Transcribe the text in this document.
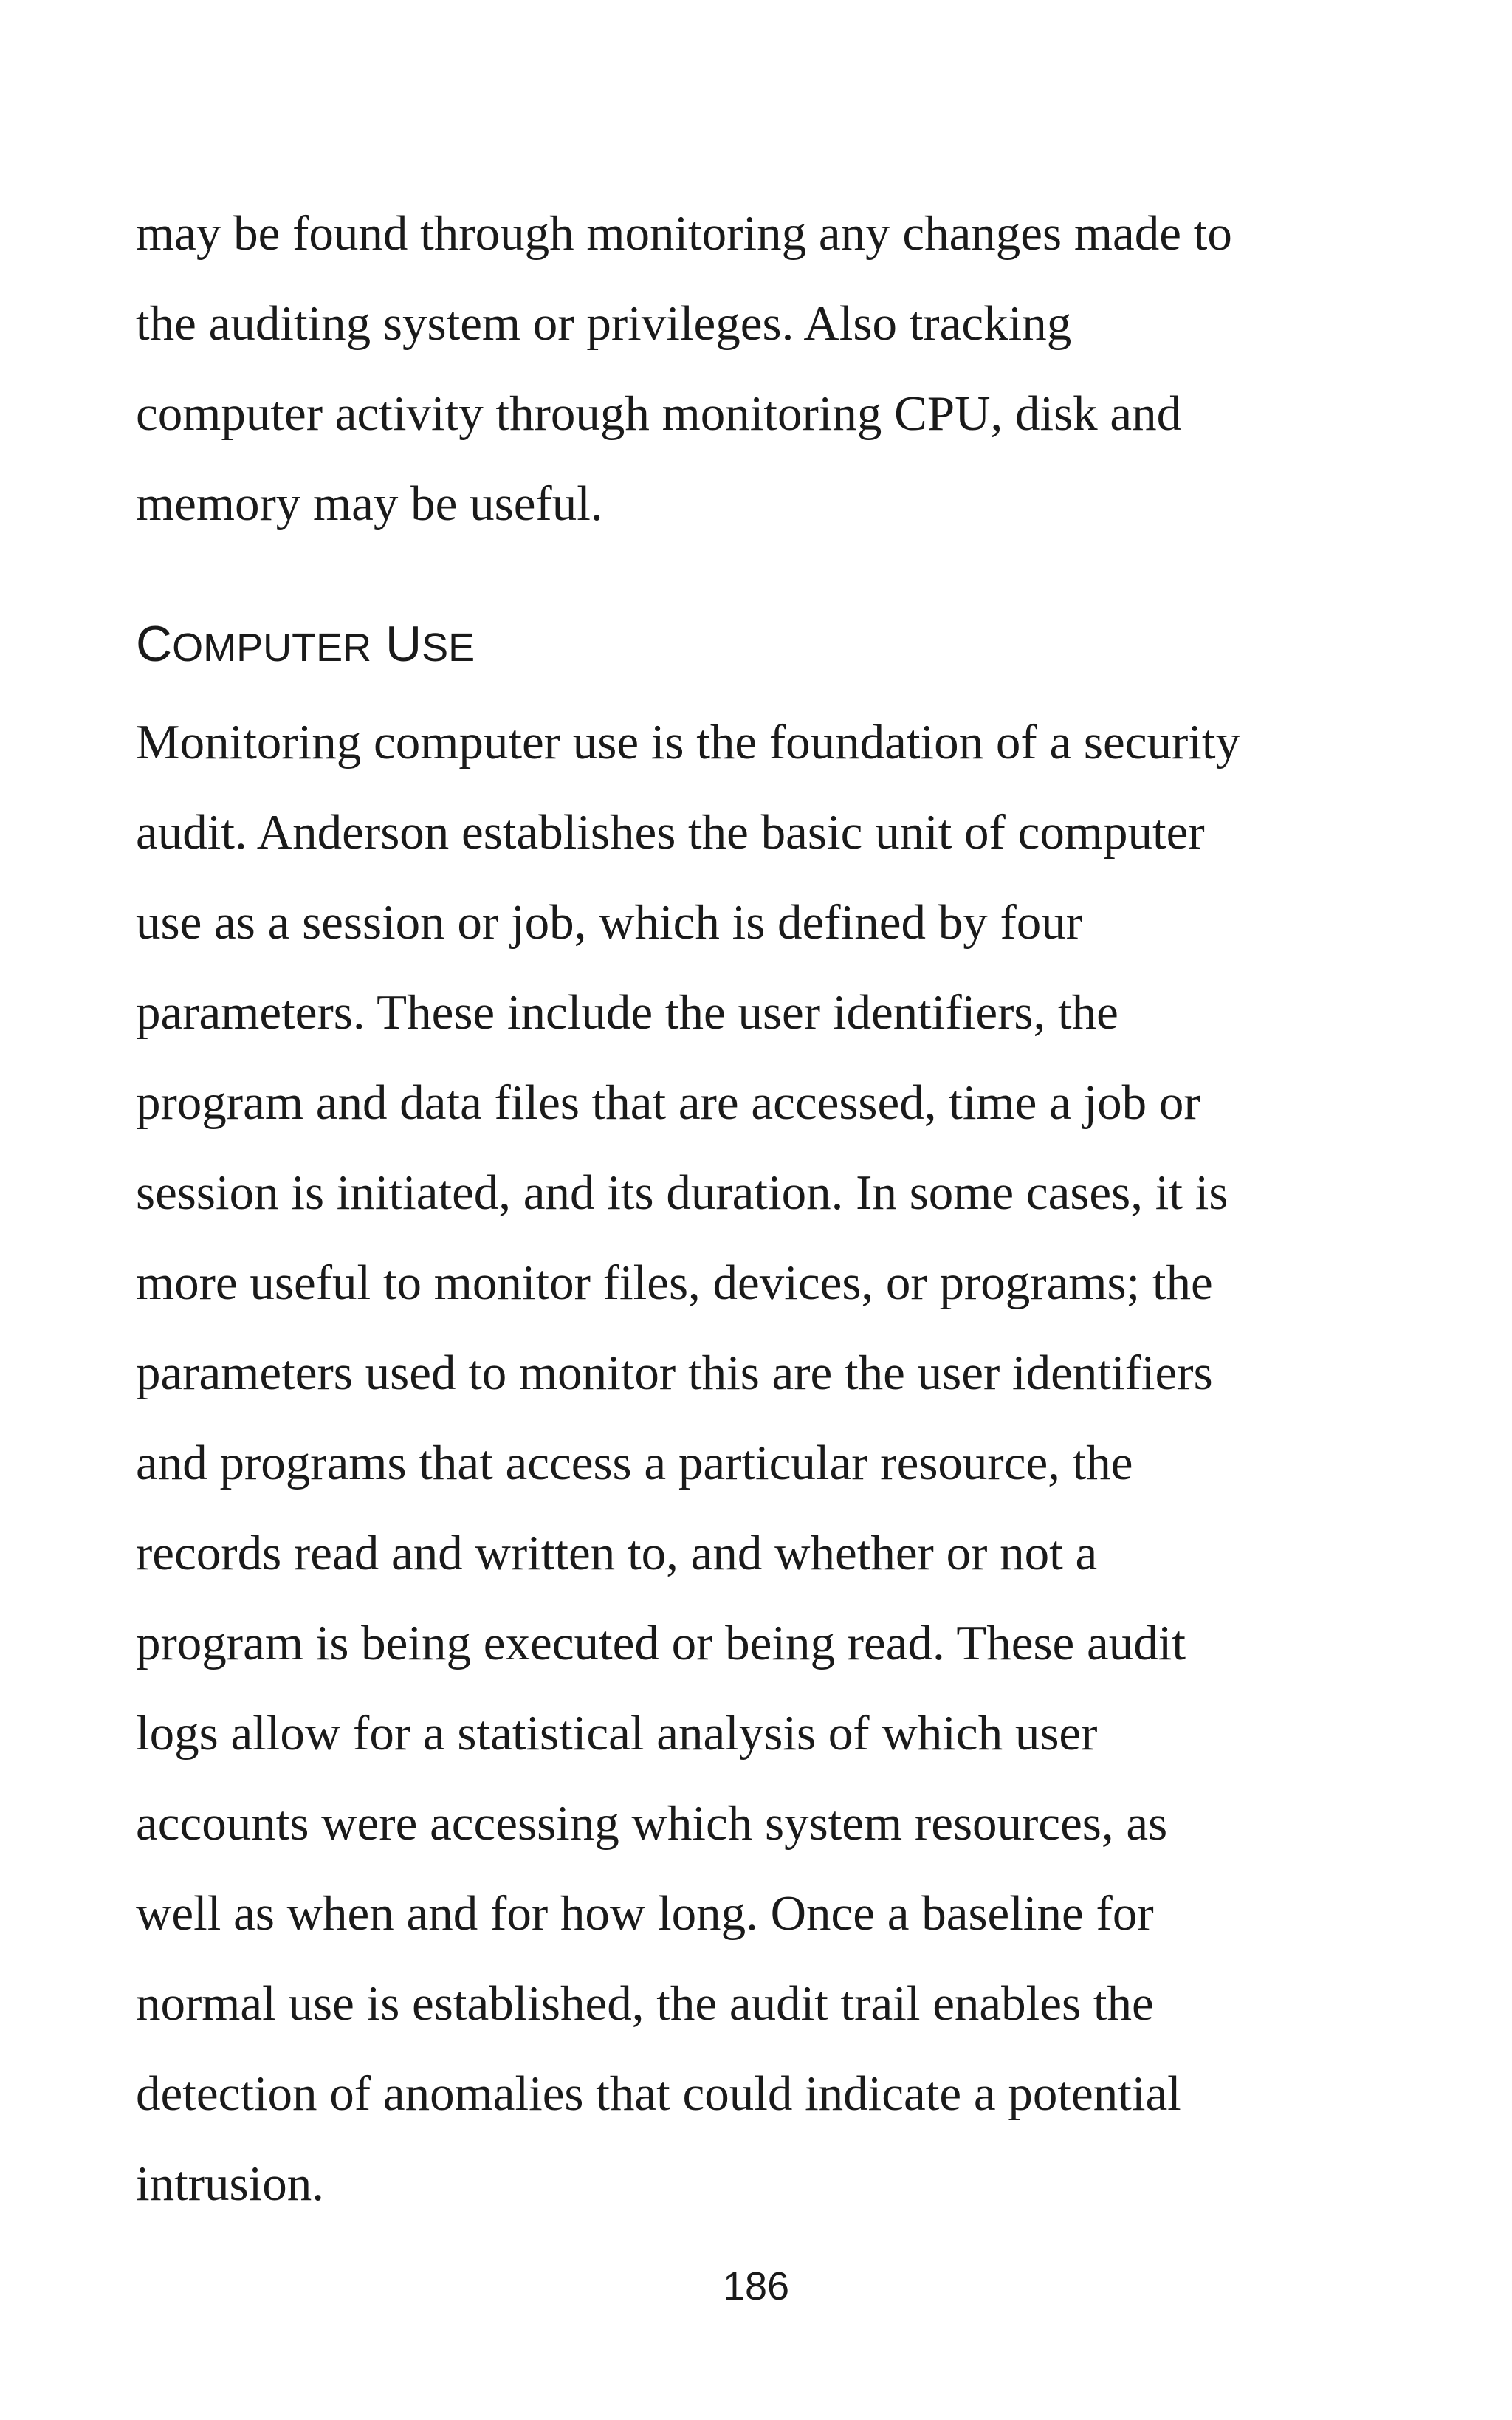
may be found through monitoring any changes made to
the auditing system or privileges. Also tracking
computer activity through monitoring CPU, disk and
memory may be useful.

COMPUTER USE

Monitoring computer use is the foundation of a security
audit. Anderson establishes the basic unit of computer
use as a session or job, which is defined by four
parameters. These include the user identifiers, the
program and data files that are accessed, time a job or
session is initiated, and its duration. In some cases, it is
more useful to monitor files, devices, or programs; the
parameters used to monitor this are the user identifiers
and programs that access a particular resource, the
records read and written to, and whether or not a
program is being executed or being read. These audit
logs allow for a statistical analysis of which user
accounts were accessing which system resources, as
well as when and for how long. Once a baseline for
normal use is established, the audit trail enables the
detection of anomalies that could indicate a potential
intrusion.

186
